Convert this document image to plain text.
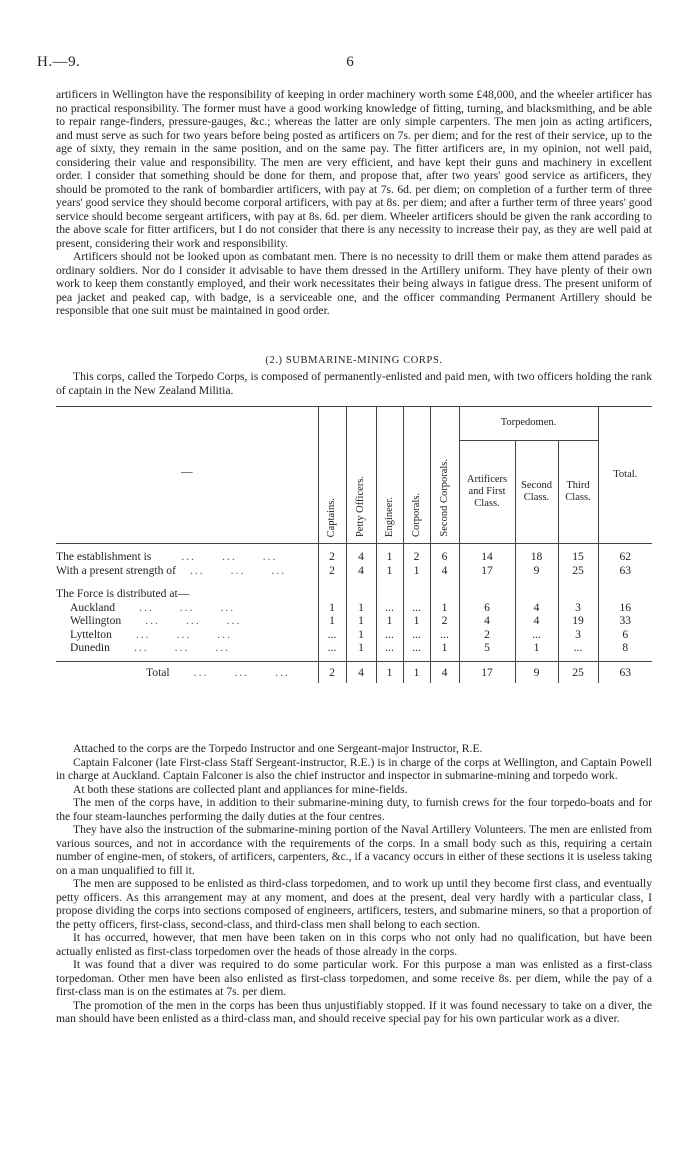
H.—9.	6

artificers in Wellington have the responsibility of keeping in order machinery worth some £48,000, and the wheeler artificer has no practical responsibility. The former must have a good working knowledge of fitting, turning, and blacksmithing, and be able to repair range-finders, pressure-gauges, &c.; whereas the latter are only simple carpenters. The men join as acting artificers, and must serve as such for two years before being posted as artificers on 7s. per diem; and for the rest of their service, up to the age of sixty, they remain in the same position, and on the same pay. The fitter artificers are, in my opinion, not well paid, considering their value and responsibility. The men are very efficient, and have kept their guns and machinery in excellent order. I consider that something should be done for them, and propose that, after two years' good service as artificers, they should be promoted to the rank of bombardier artificers, with pay at 7s. 6d. per diem; on completion of a further term of three years' good service they should become corporal artificers, with pay at 8s. per diem; and after a further term of three years' good service should become sergeant artificers, with pay at 8s. 6d. per diem. Wheeler artificers should be given the rank according to the above scale for fitter artificers, but I do not consider that there is any necessity to increase their pay, as they are well paid at present, considering their work and responsibility.

Artificers should not be looked upon as combatant men. There is no necessity to drill them or make them attend parades as ordinary soldiers. Nor do I consider it advisable to have them dressed in the Artillery uniform. They have plenty of their own work to keep them constantly employed, and their work necessitates their being always in fatigue dress. The present uniform of pea jacket and peaked cap, with badge, is a serviceable one, and the officer commanding Permanent Artillery should be responsible that one suit must be maintained in good order.

(2.) SUBMARINE-MINING CORPS.

This corps, called the Torpedo Corps, is composed of permanently-enlisted and paid men, with two officers holding the rank of captain in the New Zealand Militia.

—	Captains.	Petty Officers.	Engineer.	Corporals.	Second Corporals.	Torpedomen.			Total.
						Artificers and First Class.	Second Class.	Third Class.	
The establishment is ... ... ...	2	4	1	2	6	14	18	15	62
With a present strength of ... ... ...	2	4	1	1	4	17	9	25	63
The Force is distributed at—									
Auckland ... ... ...	1	1	...	...	1	6	4	3	16
Wellington ... ... ...	1	1	1	1	2	4	4	19	33
Lyttelton ... ... ...	...	1	...	...	...	2	...	3	6
Dunedin ... ... ...	...	1	...	...	1	5	1	...	8
Total ... ... ...	2	4	1	1	4	17	9	25	63

Attached to the corps are the Torpedo Instructor and one Sergeant-major Instructor, R.E.

Captain Falconer (late First-class Staff Sergeant-instructor, R.E.) is in charge of the corps at Wellington, and Captain Powell in charge at Auckland. Captain Falconer is also the chief instructor and inspector in submarine-mining and torpedo work.

At both these stations are collected plant and appliances for mine-fields.

The men of the corps have, in addition to their submarine-mining duty, to furnish crews for the four torpedo-boats and for the four steam-launches performing the daily duties at the four centres.

They have also the instruction of the submarine-mining portion of the Naval Artillery Volunteers. The men are enlisted from various sources, and not in accordance with the requirements of the corps. In a small body such as this, requiring a certain number of engine-men, of stokers, of artificers, carpenters, &c., if a vacancy occurs in either of these sections it is useless taking on a man unqualified to fill it.

The men are supposed to be enlisted as third-class torpedomen, and to work up until they become first class, and eventually petty officers. As this arrangement may at any moment, and does at the present, deal very hardly with a particular class, I propose dividing the corps into sections composed of engineers, artificers, testers, and submarine miners, so that a proportion of the petty officers, first-class, second-class, and third-class men shall belong to each section.

It has occurred, however, that men have been taken on in this corps who not only had no qualification, but have been actually enlisted as first-class torpedomen over the heads of those already in the corps.

It was found that a diver was required to do some particular work. For this purpose a man was enlisted as a first-class torpedoman. Other men have been also enlisted as first-class torpedomen, and some receive 8s. per diem, while the pay of a first-class man is on the estimates at 7s. per diem.

The promotion of the men in the corps has been thus unjustifiably stopped. If it was found necessary to take on a diver, the man should have been enlisted as a third-class man, and should receive special pay for his own particular work as a diver.
